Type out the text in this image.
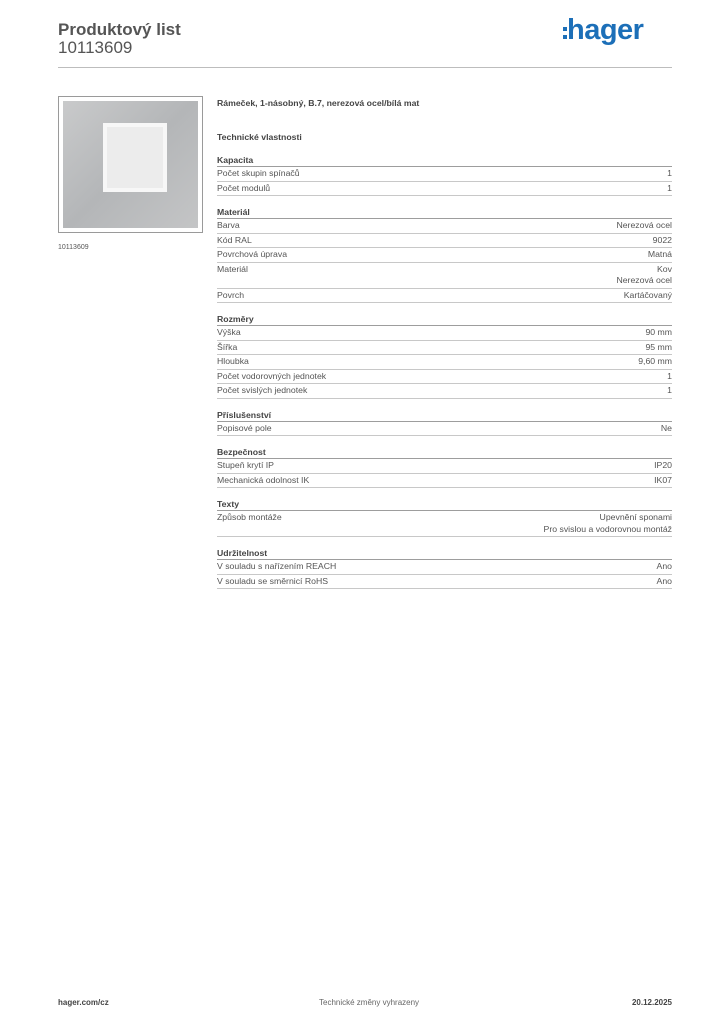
Produktový list
10113609
hager
10113609
Rámeček, 1-násobný, B.7, nerezová ocel/bílá mat
Technické vlastnosti
Kapacita
Počet skupin spínačů	1
Počet modulů	1
Materiál
Barva	Nerezová ocel
Kód RAL	9022
Povrchová úprava	Matná
Materiál	Kov
Nerezová ocel
Povrch	Kartáčovaný
Rozměry
Výška	90 mm
Šířka	95 mm
Hloubka	9,60 mm
Počet vodorovných jednotek	1
Počet svislých jednotek	1
Příslušenství
Popisové pole	Ne
Bezpečnost
Stupeň krytí IP	IP20
Mechanická odolnost IK	IK07
Texty
Způsob montáže	Upevnění sponami
Pro svislou a vodorovnou montáž
Udržitelnost
V souladu s nařízením REACH	Ano
V souladu se směrnicí RoHS	Ano
hager.com/cz	Technické změny vyhrazeny	20.12.2025
